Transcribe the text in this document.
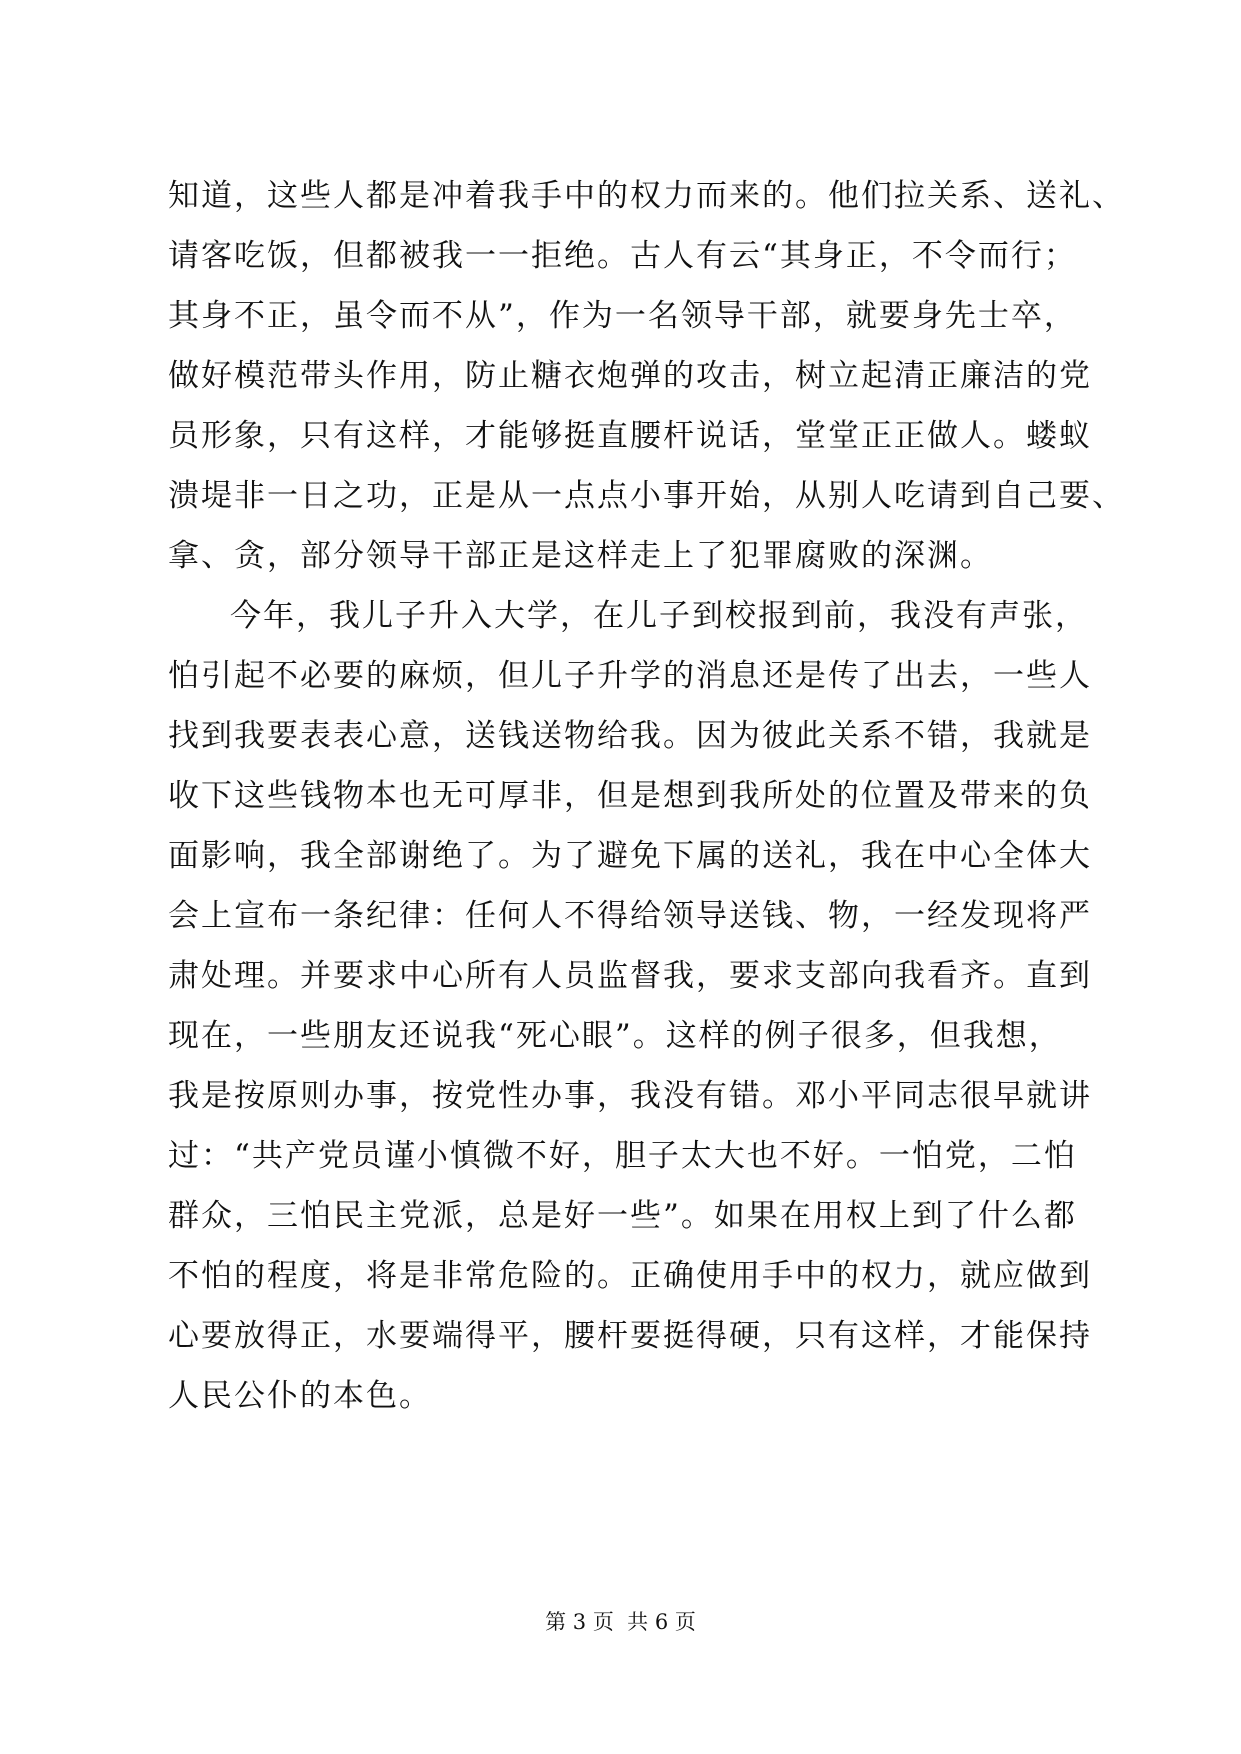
知道，这些人都是冲着我手中的权力而来的。他们拉关系、送礼、
请客吃饭，但都被我一一拒绝。古人有云“其身正，不令而行；
其身不正，虽令而不从”，作为一名领导干部，就要身先士卒，
做好模范带头作用，防止糖衣炮弹的攻击，树立起清正廉洁的党
员形象，只有这样，才能够挺直腰杆说话，堂堂正正做人。蝼蚁
溃堤非一日之功，正是从一点点小事开始，从别人吃请到自己要、
拿、贪，部分领导干部正是这样走上了犯罪腐败的深渊。
今年，我儿子升入大学，在儿子到校报到前，我没有声张，
怕引起不必要的麻烦，但儿子升学的消息还是传了出去，一些人
找到我要表表心意，送钱送物给我。因为彼此关系不错，我就是
收下这些钱物本也无可厚非，但是想到我所处的位置及带来的负
面影响，我全部谢绝了。为了避免下属的送礼，我在中心全体大
会上宣布一条纪律：任何人不得给领导送钱、物，一经发现将严
肃处理。并要求中心所有人员监督我，要求支部向我看齐。直到
现在，一些朋友还说我“死心眼”。这样的例子很多，但我想，
我是按原则办事，按党性办事，我没有错。邓小平同志很早就讲
过：“共产党员谨小慎微不好，胆子太大也不好。一怕党，二怕
群众，三怕民主党派，总是好一些”。如果在用权上到了什么都
不怕的程度，将是非常危险的。正确使用手中的权力，就应做到
心要放得正，水要端得平，腰杆要挺得硬，只有这样，才能保持
人民公仆的本色。
第 3 页  共 6 页
